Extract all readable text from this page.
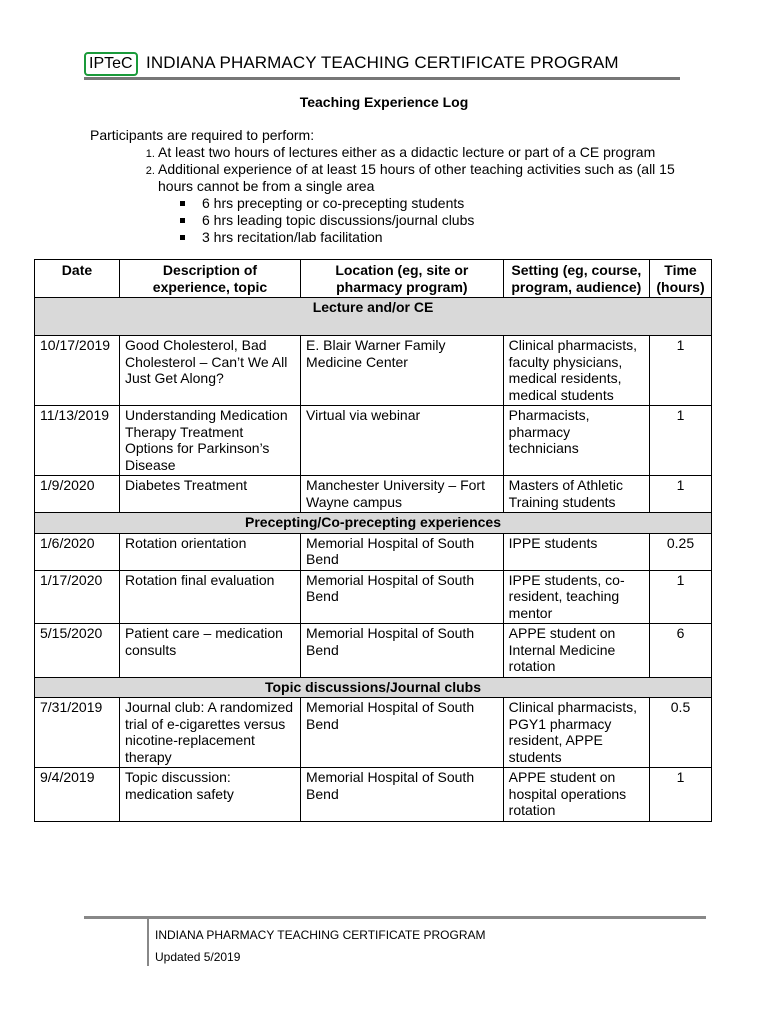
IPTeC INDIANA PHARMACY TEACHING CERTIFICATE PROGRAM
Teaching Experience Log
Participants are required to perform:
1. At least two hours of lectures either as a didactic lecture or part of a CE program
2. Additional experience of at least 15 hours of other teaching activities such as (all 15 hours cannot be from a single area
6 hrs precepting or co-precepting students
6 hrs leading topic discussions/journal clubs
3 hrs recitation/lab facilitation
Date	Description of experience, topic	Location (eg, site or pharmacy program)	Setting (eg, course, program, audience)	Time (hours)
Lecture and/or CE				
10/17/2019	Good Cholesterol, Bad Cholesterol – Can’t We All Just Get Along?	E. Blair Warner Family Medicine Center	Clinical pharmacists, faculty physicians, medical residents, medical students	1
11/13/2019	Understanding Medication Therapy Treatment Options for Parkinson’s Disease	Virtual via webinar	Pharmacists, pharmacy technicians	1
1/9/2020	Diabetes Treatment	Manchester University – Fort Wayne campus	Masters of Athletic Training students	1
Precepting/Co-precepting experiences				
1/6/2020	Rotation orientation	Memorial Hospital of South Bend	IPPE students	0.25
1/17/2020	Rotation final evaluation	Memorial Hospital of South Bend	IPPE students, co-resident, teaching mentor	1
5/15/2020	Patient care – medication consults	Memorial Hospital of South Bend	APPE student on Internal Medicine rotation	6
Topic discussions/Journal clubs				
7/31/2019	Journal club: A randomized trial of e-cigarettes versus nicotine-replacement therapy	Memorial Hospital of South Bend	Clinical pharmacists, PGY1 pharmacy resident, APPE students	0.5
9/4/2019	Topic discussion: medication safety	Memorial Hospital of South Bend	APPE student on hospital operations rotation	1
INDIANA PHARMACY TEACHING CERTIFICATE PROGRAM
Updated 5/2019
